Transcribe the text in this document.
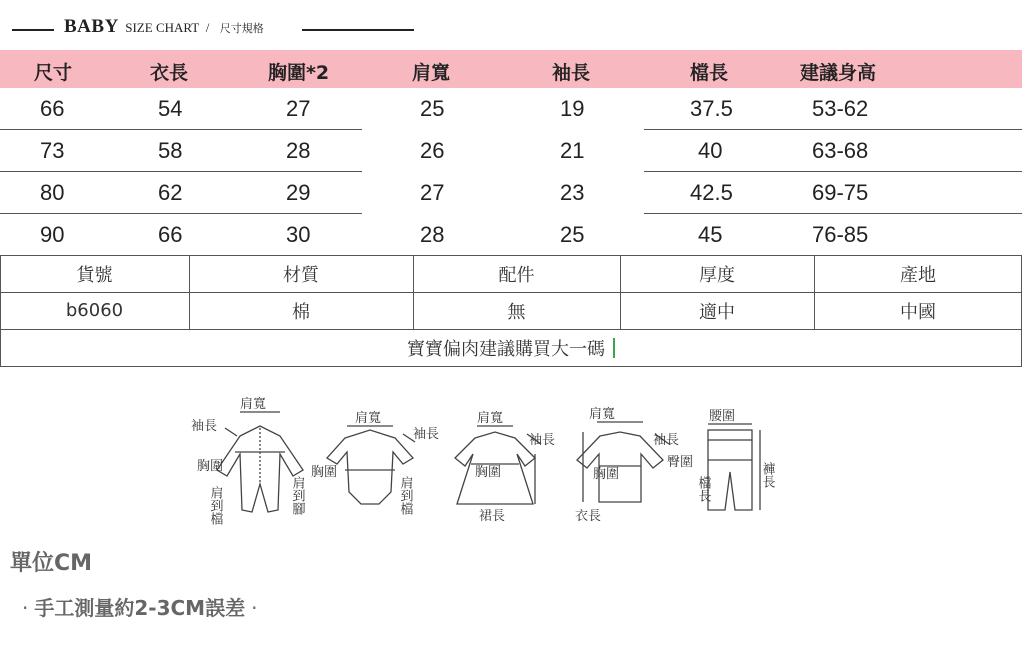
BABY SIZE CHART / 尺寸規格
尺寸	衣長	胸圍*2	肩寬	袖長	檔長	建議身高
66	54	27	25	19	37.5	53-62
73	58	28	26	21	40	63-68
80	62	29	27	23	42.5	69-75
90	66	30	28	25	45	76-85
貨號	材質	配件	厚度	產地
b6060	棉	無	適中	中國
寶寶偏肉建議購買大一碼
肩寬
袖長
胸圍
肩到檔	肩到腳
肩寬
袖長
胸圍
肩到檔
肩寬
袖長
胸圍
裙長
肩寬
袖長
胸圍
衣長
腰圍
臀圍
檔長
褲長
單位CM
· 手工測量約2-3CM誤差 ·
